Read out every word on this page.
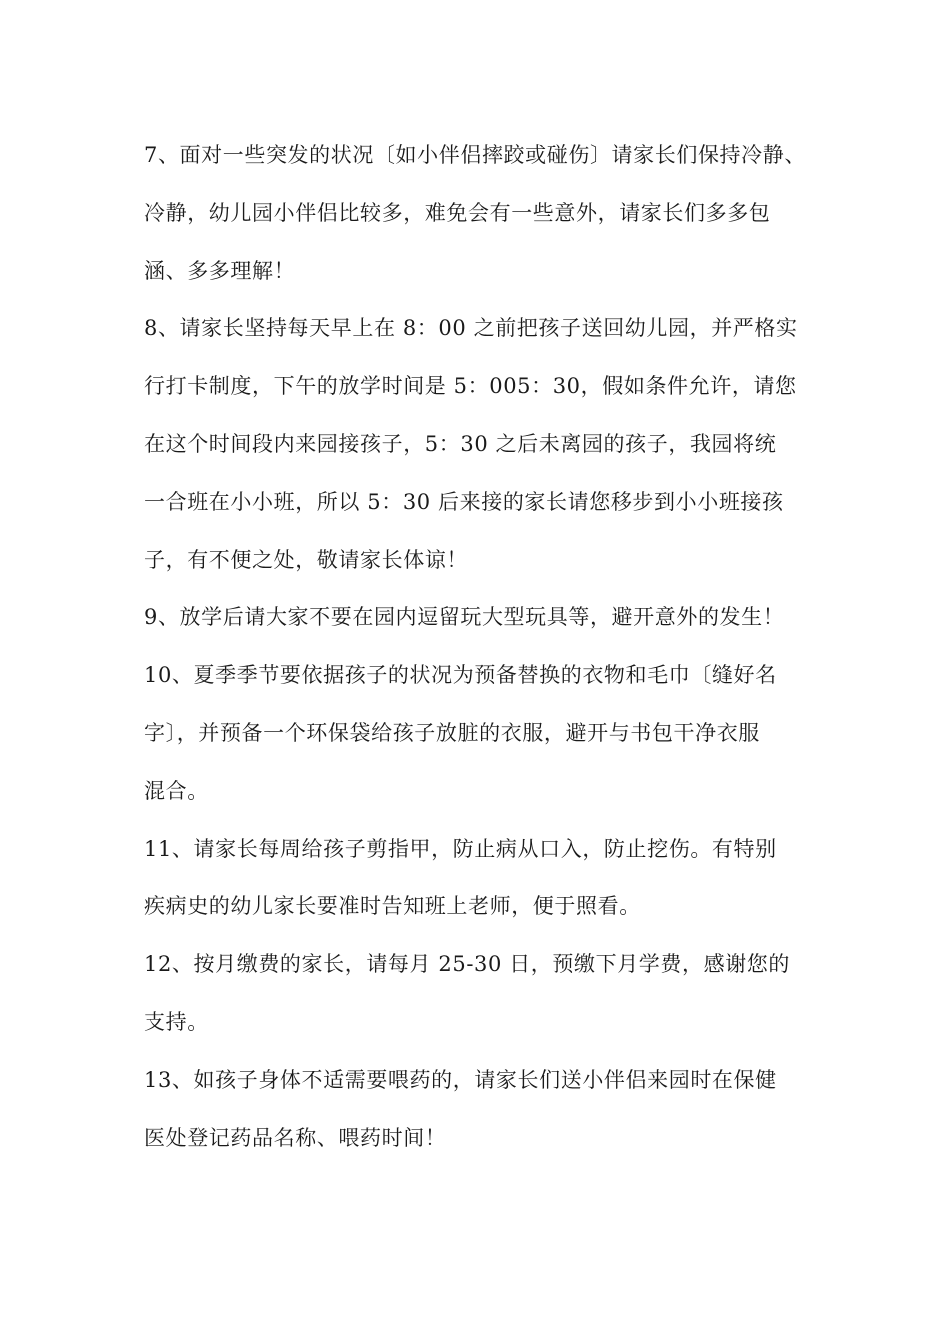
7、面对一些突发的状况〔如小伴侣摔跤或碰伤〕请家长们保持冷静、
冷静，幼儿园小伴侣比较多，难免会有一些意外，请家长们多多包
涵、多多理解！
8、请家长坚持每天早上在 8：00 之前把孩子送回幼儿园，并严格实
行打卡制度，下午的放学时间是 5：005：30，假如条件允许，请您
在这个时间段内来园接孩子，5：30 之后未离园的孩子，我园将统
一合班在小小班，所以 5：30 后来接的家长请您移步到小小班接孩
子，有不便之处，敬请家长体谅！
9、放学后请大家不要在园内逗留玩大型玩具等，避开意外的发生！
10、夏季季节要依据孩子的状况为预备替换的衣物和毛巾〔缝好名
字〕，并预备一个环保袋给孩子放脏的衣服，避开与书包干净衣服
混合。
11、请家长每周给孩子剪指甲，防止病从口入，防止挖伤。有特别
疾病史的幼儿家长要准时告知班上老师，便于照看。
12、按月缴费的家长，请每月 25-30 日，预缴下月学费，感谢您的
支持。
13、如孩子身体不适需要喂药的，请家长们送小伴侣来园时在保健
医处登记药品名称、喂药时间！
